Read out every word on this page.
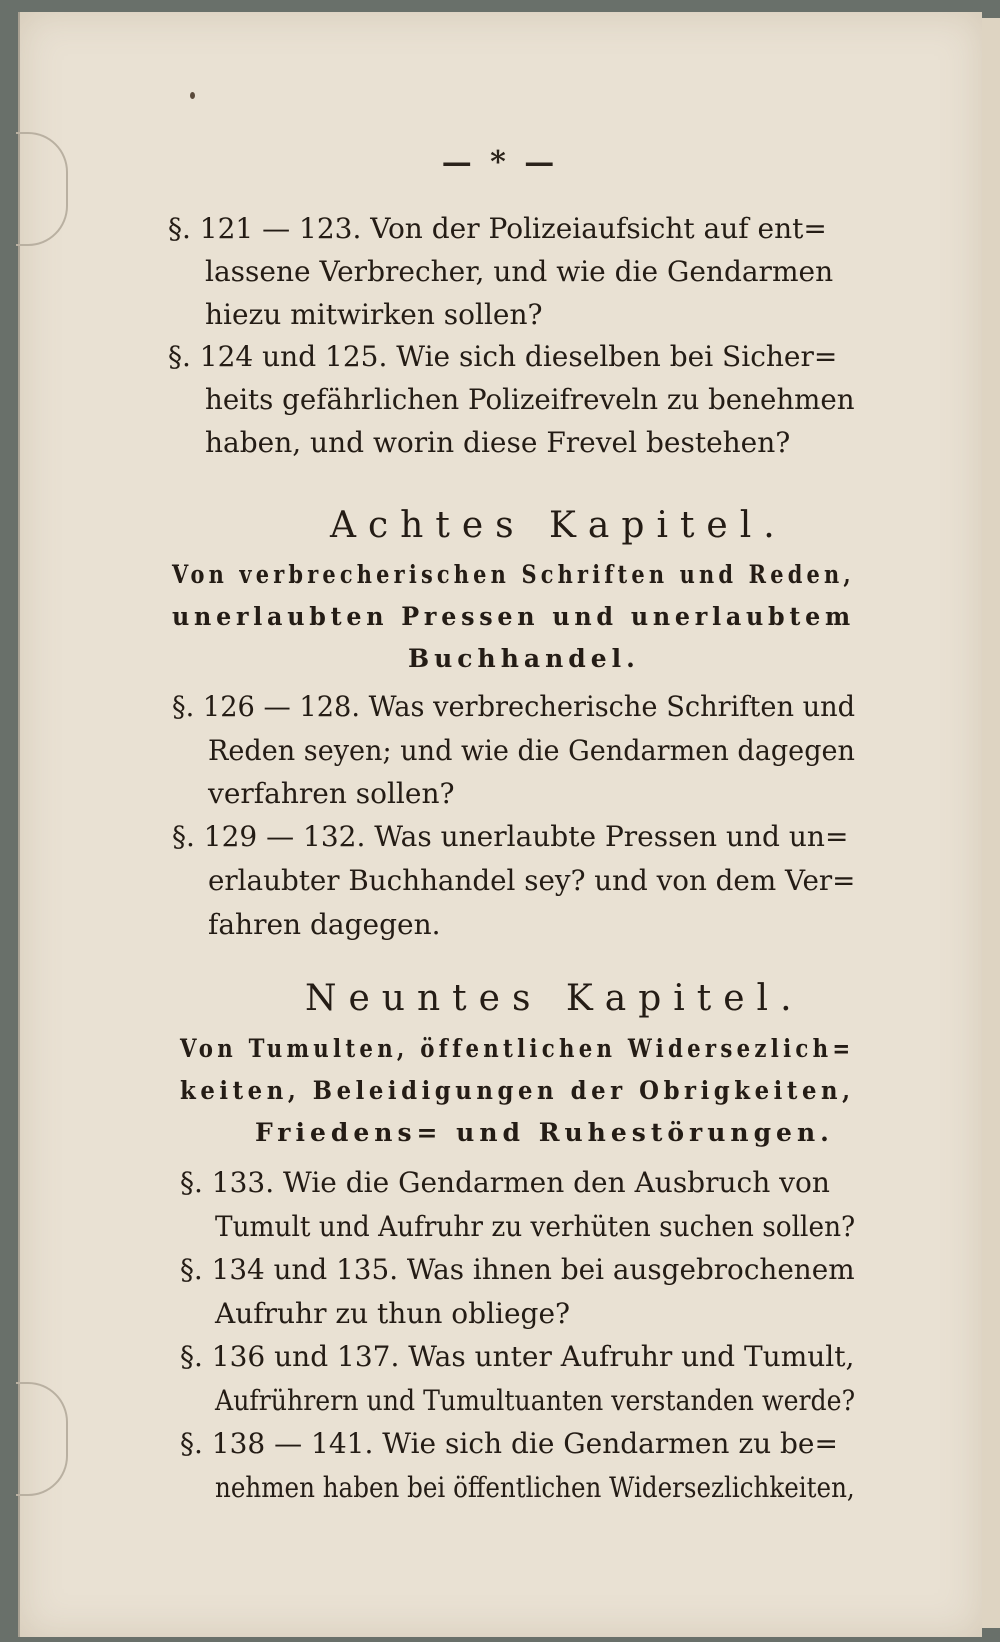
— * —
§. 121 — 123. Von der Polizeiaufsicht auf ent=
lassene Verbrecher, und wie die Gendarmen
hiezu mitwirken sollen?
§. 124 und 125. Wie sich dieselben bei Sicher=
heits gefährlichen Polizeifreveln zu benehmen
haben, und worin diese Frevel bestehen?
Achtes Kapitel.
Von verbrecherischen Schriften und Reden,
unerlaubten Pressen und unerlaubtem
Buchhandel.
§. 126 — 128. Was verbrecherische Schriften und
Reden seyen; und wie die Gendarmen dagegen
verfahren sollen?
§. 129 — 132. Was unerlaubte Pressen und un=
erlaubter Buchhandel sey? und von dem Ver=
fahren dagegen.
Neuntes Kapitel.
Von Tumulten, öffentlichen Widersezlich=
keiten, Beleidigungen der Obrigkeiten,
Friedens= und Ruhestörungen.
§. 133. Wie die Gendarmen den Ausbruch von
Tumult und Aufruhr zu verhüten suchen sollen?
§. 134 und 135. Was ihnen bei ausgebrochenem
Aufruhr zu thun obliege?
§. 136 und 137. Was unter Aufruhr und Tumult,
Aufrührern und Tumultuanten verstanden werde?
§. 138 — 141. Wie sich die Gendarmen zu be=
nehmen haben bei öffentlichen Widersezlichkeiten,
